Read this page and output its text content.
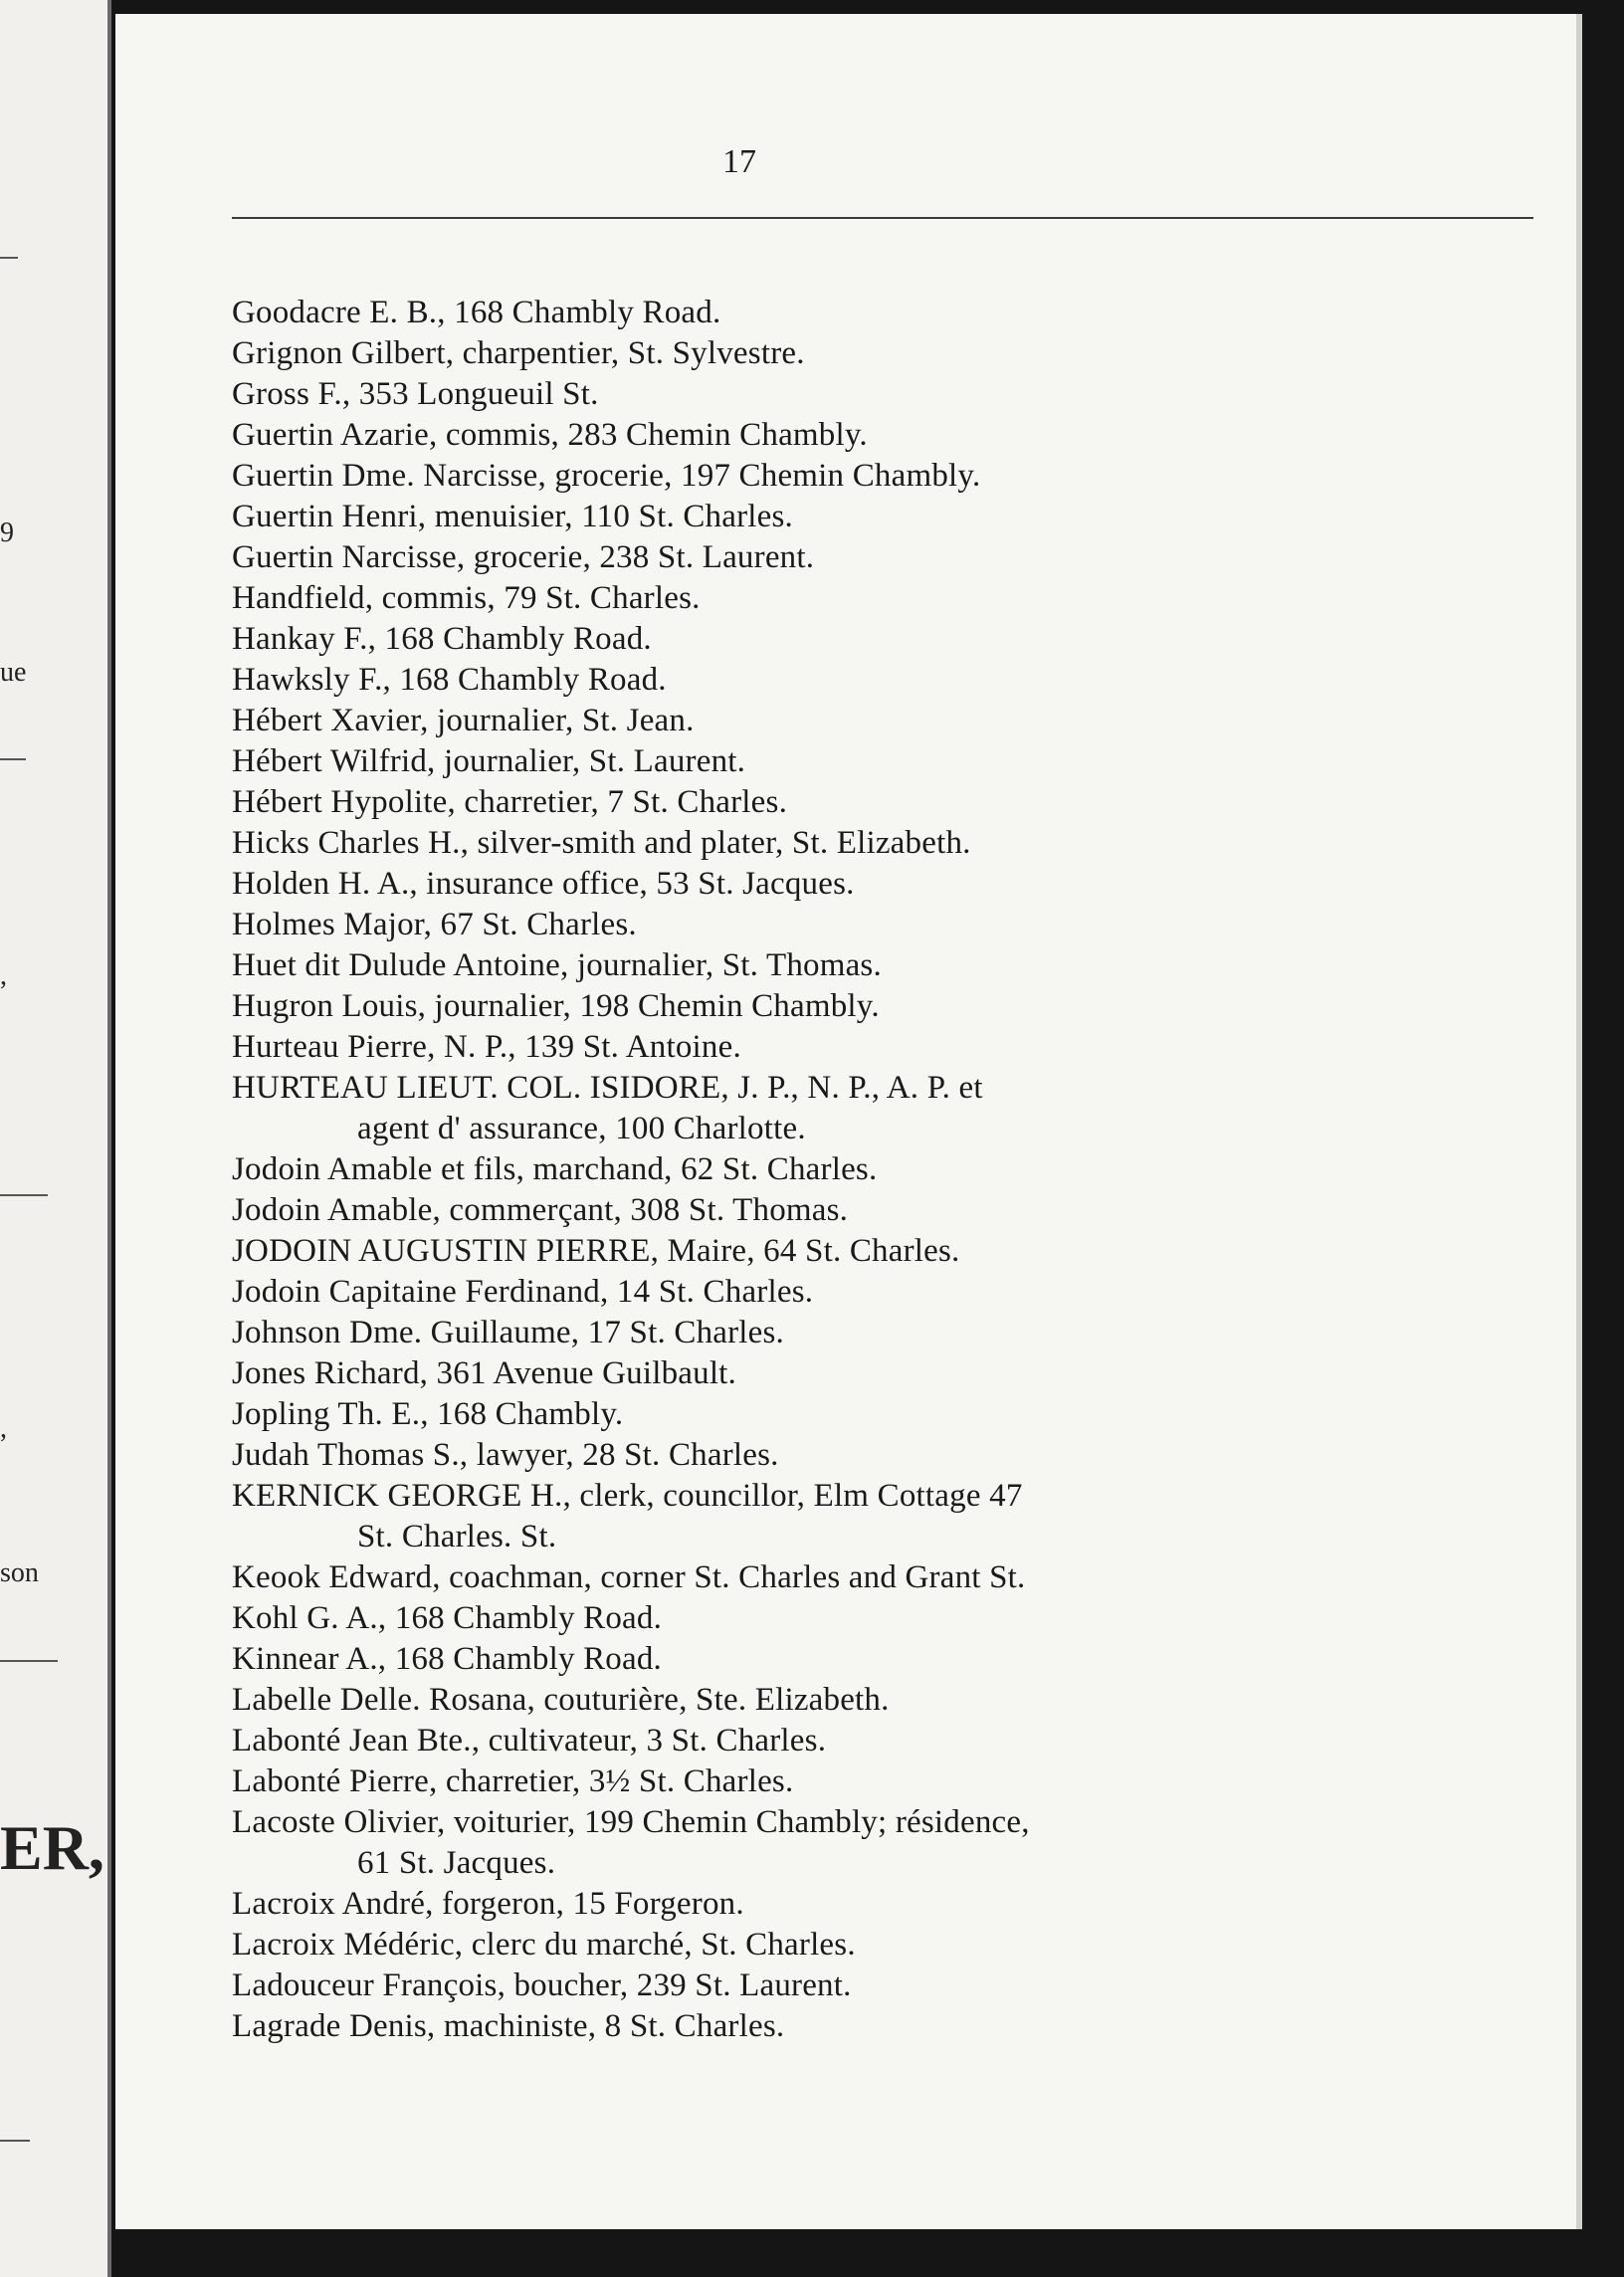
9
ue
,
,
son
ER,

17
Goodacre E. B., 168 Chambly Road.
Grignon Gilbert, charpentier, St. Sylvestre.
Gross F., 353 Longueuil St.
Guertin Azarie, commis, 283 Chemin Chambly.
Guertin Dme. Narcisse, grocerie, 197 Chemin Chambly.
Guertin Henri, menuisier, 110 St. Charles.
Guertin Narcisse, grocerie, 238 St. Laurent.
Handfield, commis, 79 St. Charles.
Hankay F., 168 Chambly Road.
Hawksly F., 168 Chambly Road.
Hébert Xavier, journalier, St. Jean.
Hébert Wilfrid, journalier, St. Laurent.
Hébert Hypolite, charretier, 7 St. Charles.
Hicks Charles H., silver-smith and plater, St. Elizabeth.
Holden H. A., insurance office, 53 St. Jacques.
Holmes Major, 67 St. Charles.
Huet dit Dulude Antoine, journalier, St. Thomas.
Hugron Louis, journalier, 198 Chemin Chambly.
Hurteau Pierre, N. P., 139 St. Antoine.
HURTEAU LIEUT. COL. ISIDORE, J. P., N. P., A. P. et
agent d' assurance, 100 Charlotte.
Jodoin Amable et fils, marchand, 62 St. Charles.
Jodoin Amable, commerçant, 308 St. Thomas.
JODOIN AUGUSTIN PIERRE, Maire, 64 St. Charles.
Jodoin Capitaine Ferdinand, 14 St. Charles.
Johnson Dme. Guillaume, 17 St. Charles.
Jones Richard, 361 Avenue Guilbault.
Jopling Th. E., 168 Chambly.
Judah Thomas S., lawyer, 28 St. Charles.
KERNICK GEORGE H., clerk, councillor, Elm Cottage 47
St. Charles. St.
Keook Edward, coachman, corner St. Charles and Grant St.
Kohl G. A., 168 Chambly Road.
Kinnear A., 168 Chambly Road.
Labelle Delle. Rosana, couturière, Ste. Elizabeth.
Labonté Jean Bte., cultivateur, 3 St. Charles.
Labonté Pierre, charretier, 3½ St. Charles.
Lacoste Olivier, voiturier, 199 Chemin Chambly; résidence,
61 St. Jacques.
Lacroix André, forgeron, 15 Forgeron.
Lacroix Médéric, clerc du marché, St. Charles.
Ladouceur François, boucher, 239 St. Laurent.
Lagrade Denis, machiniste, 8 St. Charles.
